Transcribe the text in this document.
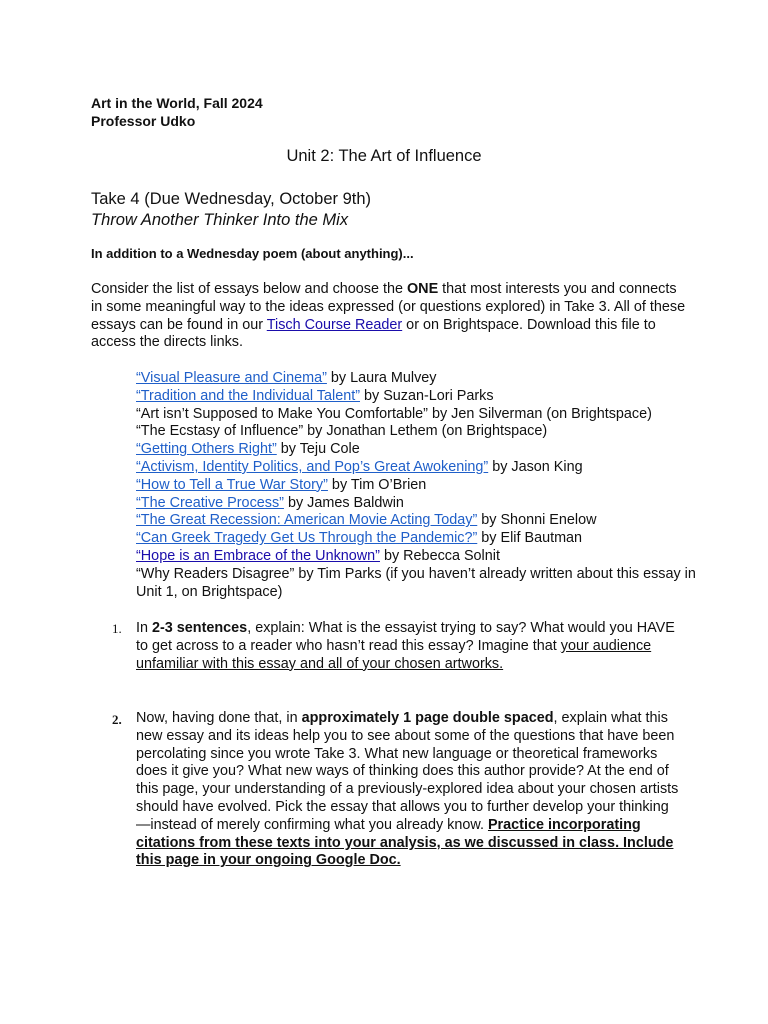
Art in the World, Fall 2024
Professor Udko
Unit 2: The Art of Influence
Take 4 (Due Wednesday, October 9th)
Throw Another Thinker Into the Mix
In addition to a Wednesday poem (about anything)...
Consider the list of essays below and choose the ONE that most interests you and connects in some meaningful way to the ideas expressed (or questions explored) in Take 3. All of these essays can be found in our Tisch Course Reader or on Brightspace. Download this file to access the directs links.
“Visual Pleasure and Cinema” by Laura Mulvey
“Tradition and the Individual Talent” by Suzan-Lori Parks
“Art isn’t Supposed to Make You Comfortable” by Jen Silverman (on Brightspace)
“The Ecstasy of Influence” by Jonathan Lethem (on Brightspace)
“Getting Others Right” by Teju Cole
“Activism, Identity Politics, and Pop’s Great Awokening” by Jason King
“How to Tell a True War Story” by Tim O’Brien
“The Creative Process” by James Baldwin
“The Great Recession: American Movie Acting Today” by Shonni Enelow
“Can Greek Tragedy Get Us Through the Pandemic?” by Elif Bautman
“Hope is an Embrace of the Unknown” by Rebecca Solnit
“Why Readers Disagree” by Tim Parks (if you haven’t already written about this essay in Unit 1, on Brightspace)
1. In 2-3 sentences, explain: What is the essayist trying to say? What would you HAVE to get across to a reader who hasn’t read this essay? Imagine that your audience unfamiliar with this essay and all of your chosen artworks.
2. Now, having done that, in approximately 1 page double spaced, explain what this new essay and its ideas help you to see about some of the questions that have been percolating since you wrote Take 3. What new language or theoretical frameworks does it give you? What new ways of thinking does this author provide? At the end of this page, your understanding of a previously-explored idea about your chosen artists should have evolved. Pick the essay that allows you to further develop your thinking—instead of merely confirming what you already know. Practice incorporating citations from these texts into your analysis, as we discussed in class. Include this page in your ongoing Google Doc.
